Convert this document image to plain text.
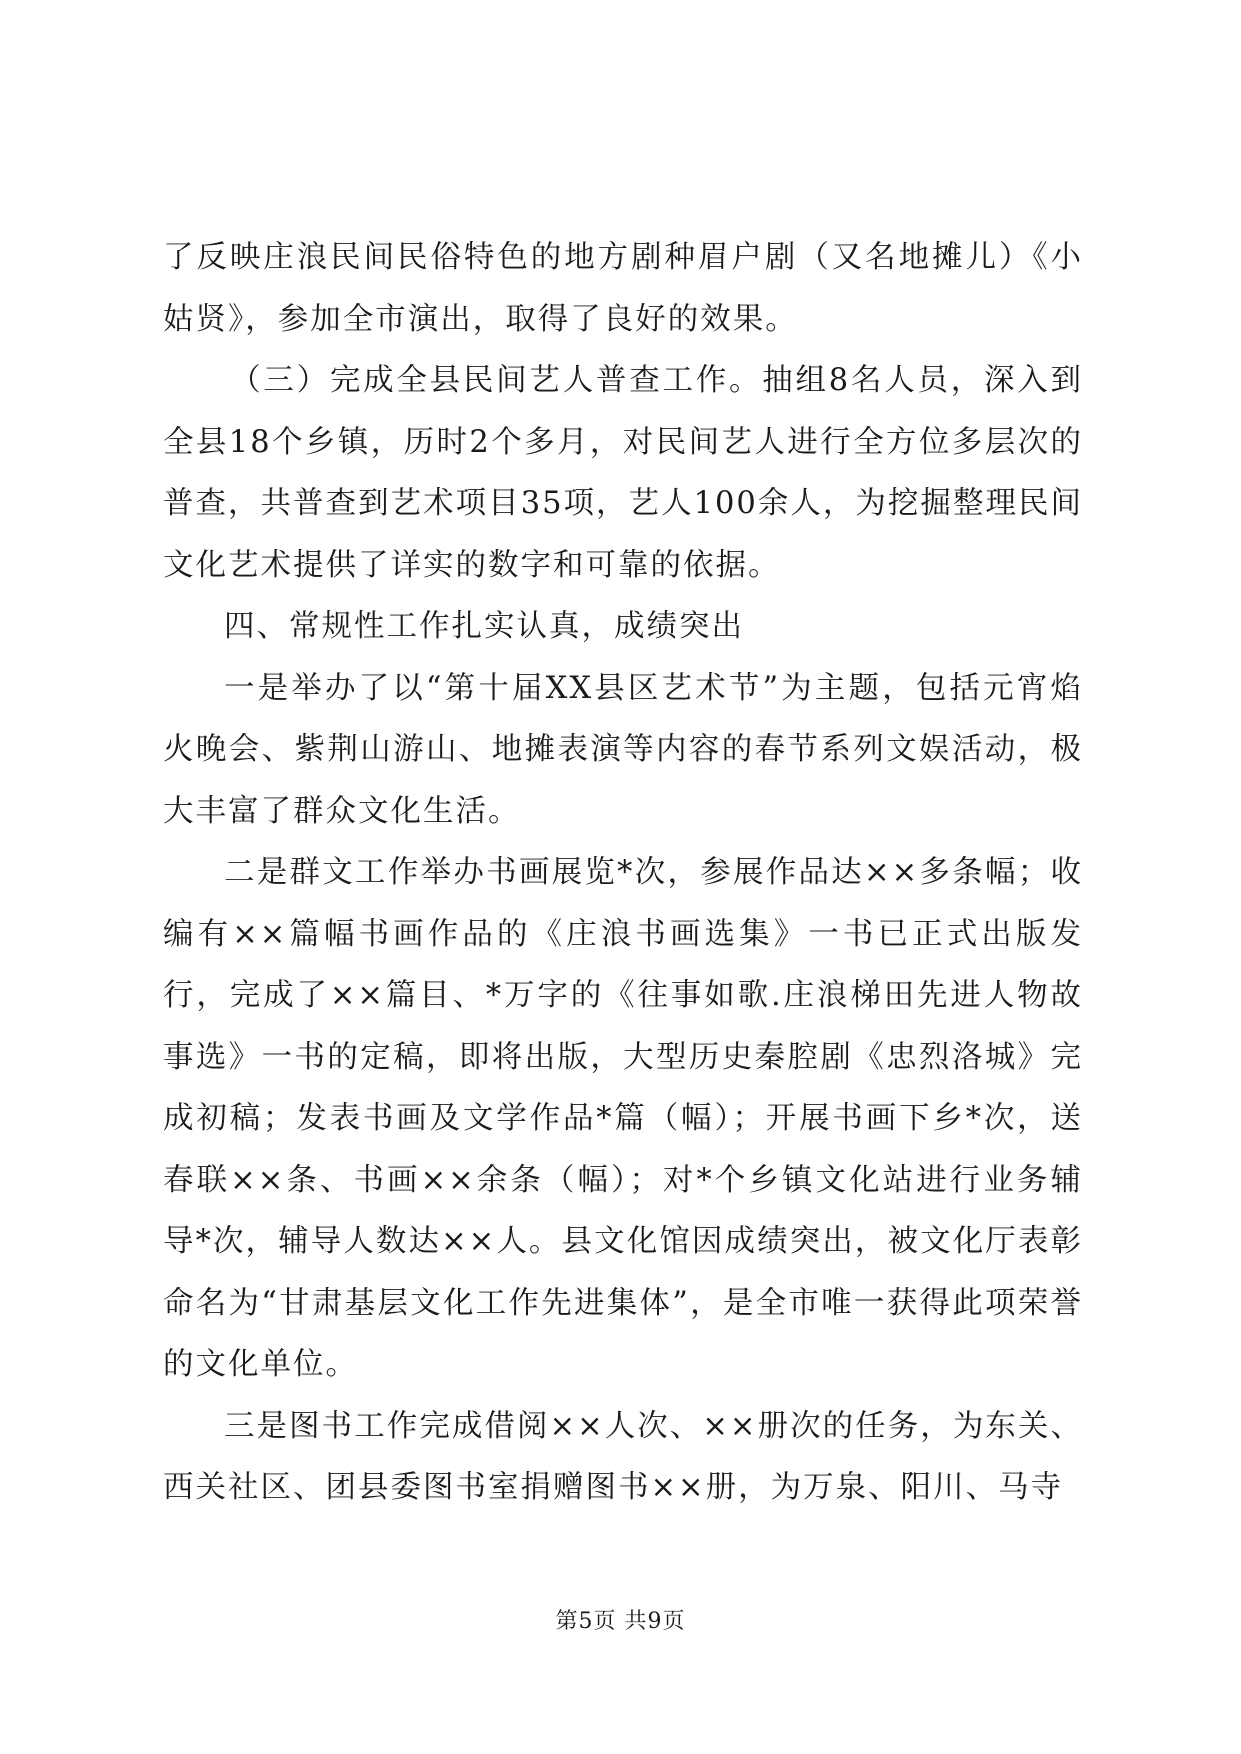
了反映庄浪民间民俗特色的地方剧种眉户剧（又名地摊儿）《小姑贤》，参加全市演出，取得了良好的效果。

（三）完成全县民间艺人普查工作。抽组8名人员，深入到全县18个乡镇，历时2个多月，对民间艺人进行全方位多层次的普查，共普查到艺术项目35项，艺人100余人，为挖掘整理民间文化艺术提供了详实的数字和可靠的依据。

四、常规性工作扎实认真，成绩突出

一是举办了以“第十届XX县区艺术节”为主题，包括元宵焰火晚会、紫荆山游山、地摊表演等内容的春节系列文娱活动，极大丰富了群众文化生活。

二是群文工作举办书画展览*次，参展作品达××多条幅；收编有××篇幅书画作品的《庄浪书画选集》一书已正式出版发行，完成了××篇目、*万字的《往事如歌.庄浪梯田先进人物故事选》一书的定稿，即将出版，大型历史秦腔剧《忠烈洛城》完成初稿；发表书画及文学作品*篇（幅）；开展书画下乡*次，送春联××条、书画××余条（幅）；对*个乡镇文化站进行业务辅导*次，辅导人数达××人。县文化馆因成绩突出，被文化厅表彰命名为“甘肃基层文化工作先进集体”，是全市唯一获得此项荣誉的文化单位。

三是图书工作完成借阅××人次、××册次的任务，为东关、西关社区、团县委图书室捐赠图书××册，为万泉、阳川、马寺

第5页 共9页
